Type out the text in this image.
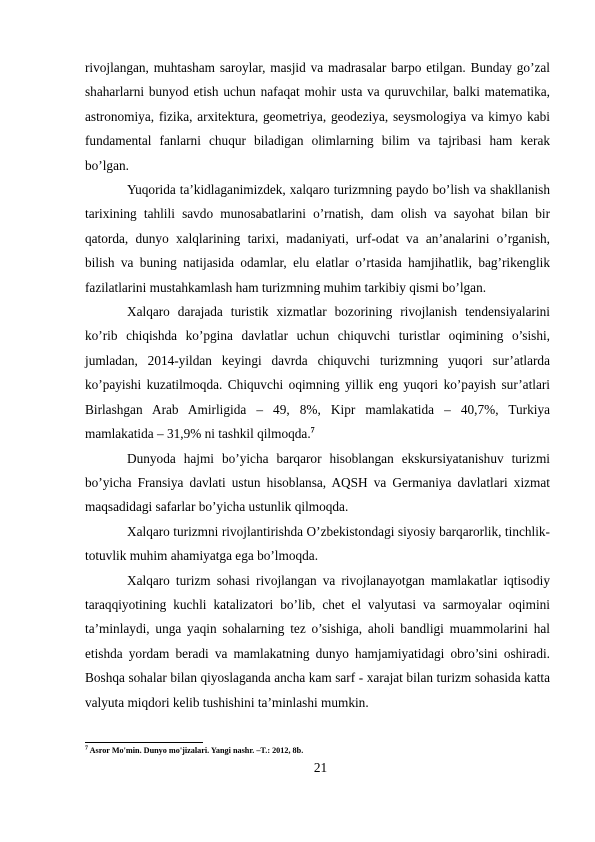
rivojlangan, muhtasham saroylar, masjid va madrasalar barpo etilgan. Bunday go’zal shaharlarni bunyod etish uchun nafaqat mohir usta va quruvchilar, balki matematika, astronomiya, fizika, arxitektura, geometriya, geodeziya, seysmologiya va kimyo kabi fundamental fanlarni chuqur biladigan olimlarning bilim va tajribasi ham kerak bo’lgan.

Yuqorida ta’kidlaganimizdek, xalqaro turizmning paydo bo’lish va shakllanish tarixining tahlili savdo munosabatlarini o’rnatish, dam olish va sayohat bilan bir qatorda, dunyo xalqlarining tarixi, madaniyati, urf-odat va an’analarini o’rganish, bilish va buning natijasida odamlar, elu elatlar o’rtasida hamjihatlik, bag’rikenglik fazilatlarini mustahkamlash ham turizmning muhim tarkibiy qismi bo’lgan.

Xalqaro darajada turistik xizmatlar bozorining rivojlanish tendensiyalarini ko’rib chiqishda ko’pgina davlatlar uchun chiquvchi turistlar oqimining o’sishi, jumladan, 2014-yildan keyingi davrda chiquvchi turizmning yuqori sur’atlarda ko’payishi kuzatilmoqda. Chiquvchi oqimning yillik eng yuqori ko’payish sur’atlari Birlashgan Arab Amirligida – 49, 8%, Kipr mamlakatida – 40,7%, Turkiya mamlakatida – 31,9% ni tashkil qilmoqda.$^7$

Dunyoda hajmi bo’yicha barqaror hisoblangan ekskursiyatanishuv turizmi bo’yicha Fransiya davlati ustun hisoblansa, AQSH va Germaniya davlatlari xizmat maqsadidagi safarlar bo’yicha ustunlik qilmoqda.

Xalqaro turizmni rivojlantirishda O’zbekistondagi siyosiy barqarorlik, tinchlik- totuvlik muhim ahamiyatga ega bo’lmoqda.

Xalqaro turizm sohasi rivojlangan va rivojlanayotgan mamlakatlar iqtisodiy taraqqiyotining kuchli katalizatori bo’lib, chet el valyutasi va sarmoyalar oqimini ta’minlaydi, unga yaqin sohalarning tez o’sishiga, aholi bandligi muammolarini hal etishda yordam beradi va mamlakatning dunyo hamjamiyatidagi obro’sini oshiradi. Boshqa sohalar bilan qiyoslaganda ancha kam sarf - xarajat bilan turizm sohasida katta valyuta miqdori kelib tushishini ta’minlashi mumkin.

$^7$ Asror Mo'min. Dunyo mo'jizalari. Yangi nashr. –T.: 2012, 8b.
21
